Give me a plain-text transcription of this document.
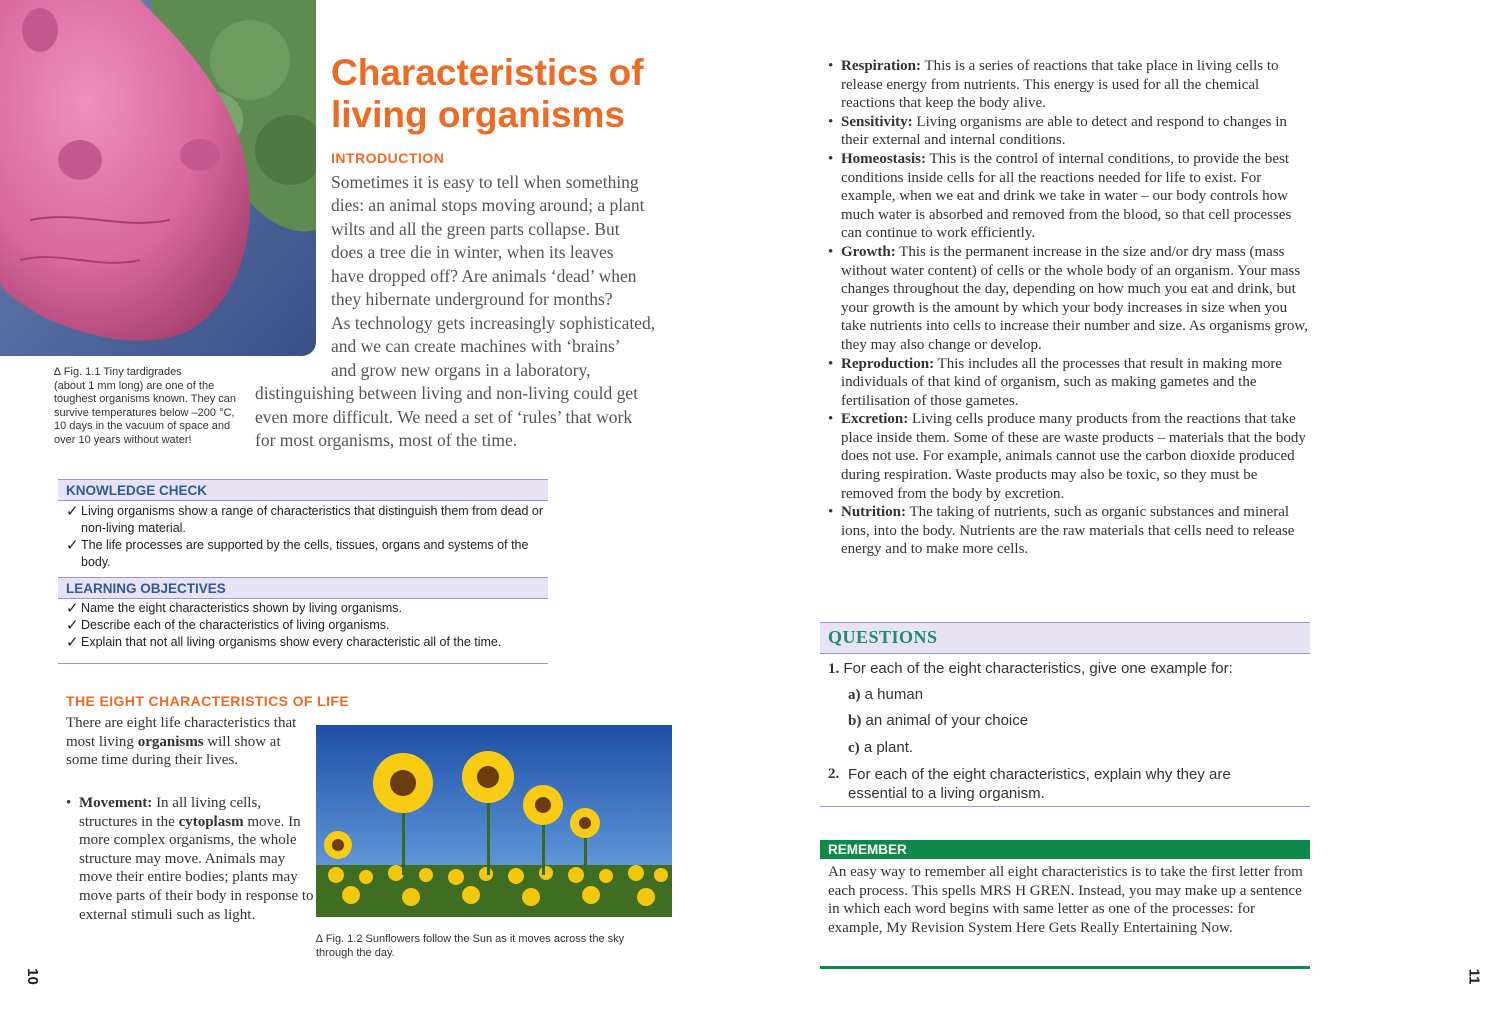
∆ Fig. 1.1 Tiny tardigrades
(about 1 mm long) are one of the
toughest organisms known. They can
survive temperatures below –200 °C,
10 days in the vacuum of space and
over 10 years without water!
Characteristics of
living organisms
INTRODUCTION
Sometimes it is easy to tell when something
dies: an animal stops moving around; a plant
wilts and all the green parts collapse. But
does a tree die in winter, when its leaves
have dropped off? Are animals ‘dead’ when
they hibernate underground for months?
As technology gets increasingly sophisticated,
and we can create machines with ‘brains’
and grow new organs in a laboratory,
distinguishing between living and non-living could get
even more difficult. We need a set of ‘rules’ that work
for most organisms, most of the time.
KNOWLEDGE CHECK
✓ Living organisms show a range of characteristics that distinguish them from dead or non-living material.
✓ The life processes are supported by the cells, tissues, organs and systems of the body.
LEARNING OBJECTIVES
✓ Name the eight characteristics shown by living organisms.
✓ Describe each of the characteristics of living organisms.
✓ Explain that not all living organisms show every characteristic all of the time.
THE EIGHT CHARACTERISTICS OF LIFE
There are eight life characteristics that most living organisms will show at some time during their lives.
• Movement: In all living cells, structures in the cytoplasm move. In more complex organisms, the whole structure may move. Animals may move their entire bodies; plants may move parts of their body in response to external stimuli such as light.
∆ Fig. 1.2 Sunflowers follow the Sun as it moves across the sky through the day.
10
• Respiration: This is a series of reactions that take place in living cells to release energy from nutrients. This energy is used for all the chemical reactions that keep the body alive.
• Sensitivity: Living organisms are able to detect and respond to changes in their external and internal conditions.
• Homeostasis: This is the control of internal conditions, to provide the best conditions inside cells for all the reactions needed for life to exist. For example, when we eat and drink we take in water – our body controls how much water is absorbed and removed from the blood, so that cell processes can continue to work efficiently.
• Growth: This is the permanent increase in the size and/or dry mass (mass without water content) of cells or the whole body of an organism. Your mass changes throughout the day, depending on how much you eat and drink, but your growth is the amount by which your body increases in size when you take nutrients into cells to increase their number and size. As organisms grow, they may also change or develop.
• Reproduction: This includes all the processes that result in making more individuals of that kind of organism, such as making gametes and the fertilisation of those gametes.
• Excretion: Living cells produce many products from the reactions that take place inside them. Some of these are waste products – materials that the body does not use. For example, animals cannot use the carbon dioxide produced during respiration. Waste products may also be toxic, so they must be removed from the body by excretion.
• Nutrition: The taking of nutrients, such as organic substances and mineral ions, into the body. Nutrients are the raw materials that cells need to release energy and to make more cells.
QUESTIONS
1. For each of the eight characteristics, give one example for:
a) a human
b) an animal of your choice
c) a plant.
2. For each of the eight characteristics, explain why they are essential to a living organism.
REMEMBER
An easy way to remember all eight characteristics is to take the first letter from each process. This spells MRS H GREN. Instead, you may make up a sentence in which each word begins with same letter as one of the processes: for example, My Revision System Here Gets Really Entertaining Now.
11
